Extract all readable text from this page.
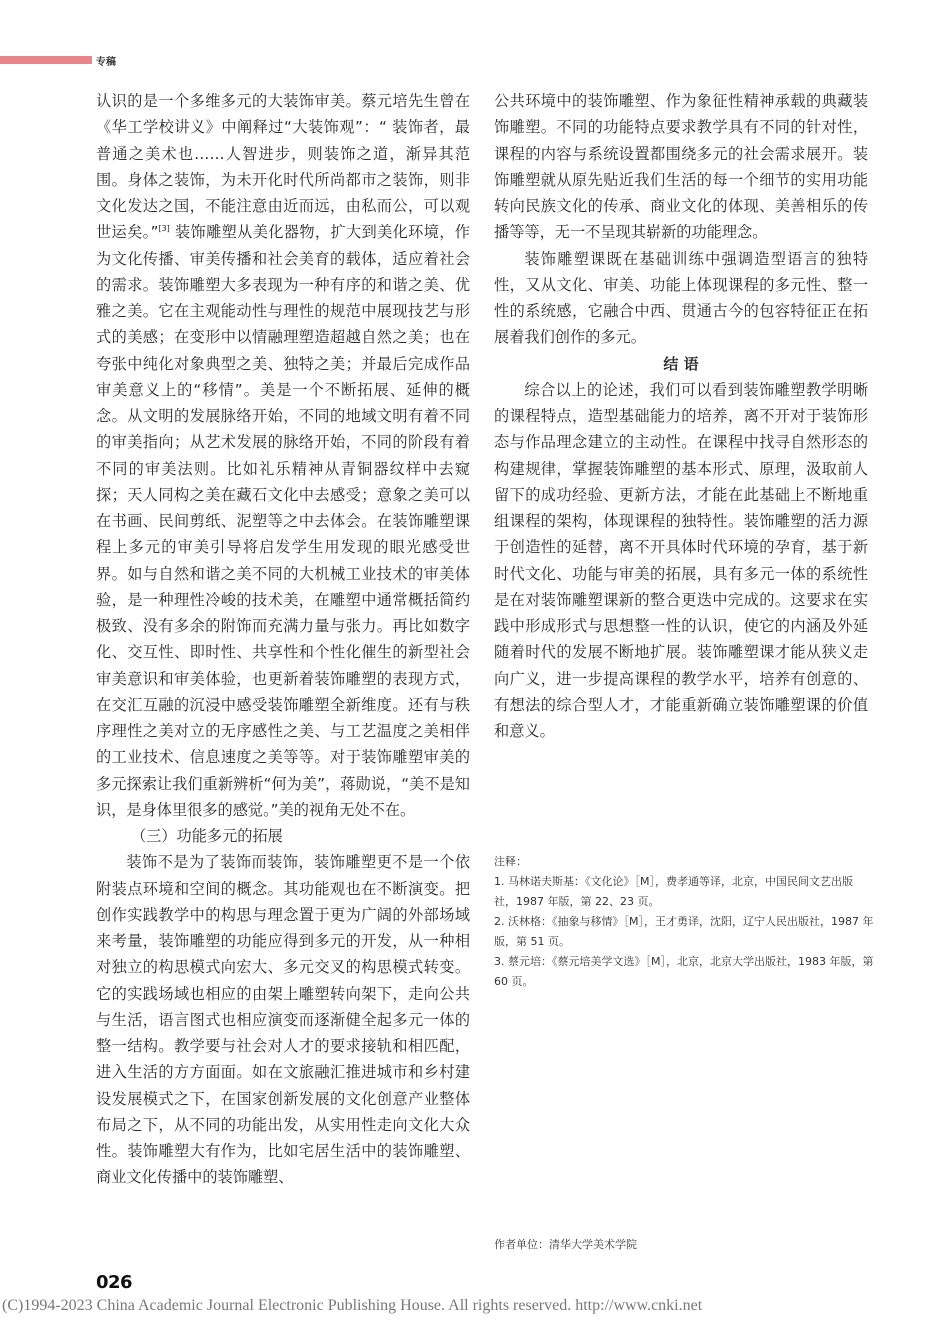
专稿

认识的是一个多维多元的大装饰审美。蔡元培先生曾在《华工学校讲义》中阐释过“大装饰观”：“ 装饰者，最普通之美术也……人智进步，则装饰之道，渐异其范围。身体之装饰，为未开化时代所尚都市之装饰，则非文化发达之国，不能注意由近而远，由私而公，可以观世运矣。”[3] 装饰雕塑从美化器物，扩大到美化环境，作为文化传播、审美传播和社会美育的载体，适应着社会的需求。装饰雕塑大多表现为一种有序的和谐之美、优雅之美。它在主观能动性与理性的规范中展现技艺与形式的美感；在变形中以情融理塑造超越自然之美；也在夸张中纯化对象典型之美、独特之美；并最后完成作品审美意义上的“移情”。美是一个不断拓展、延伸的概念。从文明的发展脉络开始，不同的地域文明有着不同的审美指向；从艺术发展的脉络开始，不同的阶段有着不同的审美法则。比如礼乐精神从青铜器纹样中去窥探；天人同构之美在藏石文化中去感受；意象之美可以在书画、民间剪纸、泥塑等之中去体会。在装饰雕塑课程上多元的审美引导将启发学生用发现的眼光感受世界。如与自然和谐之美不同的大机械工业技术的审美体验，是一种理性冷峻的技术美，在雕塑中通常概括简约极致、没有多余的附饰而充满力量与张力。再比如数字化、交互性、即时性、共享性和个性化催生的新型社会审美意识和审美体验，也更新着装饰雕塑的表现方式，在交汇互融的沉浸中感受装饰雕塑全新维度。还有与秩序理性之美对立的无序感性之美、与工艺温度之美相伴的工业技术、信息速度之美等等。对于装饰雕塑审美的多元探索让我们重新辨析“何为美”，蒋勋说，“美不是知识，是身体里很多的感觉。”美的视角无处不在。

（三）功能多元的拓展

装饰不是为了装饰而装饰，装饰雕塑更不是一个依附装点环境和空间的概念。其功能观也在不断演变。把创作实践教学中的构思与理念置于更为广阔的外部场域来考量，装饰雕塑的功能应得到多元的开发，从一种相对独立的构思模式向宏大、多元交叉的构思模式转变。它的实践场域也相应的由架上雕塑转向架下，走向公共与生活，语言图式也相应演变而逐渐健全起多元一体的整一结构。教学要与社会对人才的要求接轨和相匹配，进入生活的方方面面。如在文旅融汇推进城市和乡村建设发展模式之下，在国家创新发展的文化创意产业整体布局之下，从不同的功能出发，从实用性走向文化大众性。装饰雕塑大有作为，比如宅居生活中的装饰雕塑、商业文化传播中的装饰雕塑、

公共环境中的装饰雕塑、作为象征性精神承载的典藏装饰雕塑。不同的功能特点要求教学具有不同的针对性，课程的内容与系统设置都围绕多元的社会需求展开。装饰雕塑就从原先贴近我们生活的每一个细节的实用功能转向民族文化的传承、商业文化的体现、美善相乐的传播等等，无一不呈现其崭新的功能理念。

装饰雕塑课既在基础训练中强调造型语言的独特性，又从文化、审美、功能上体现课程的多元性、整一性的系统感，它融合中西、贯通古今的包容特征正在拓展着我们创作的多元。

结 语

综合以上的论述，我们可以看到装饰雕塑教学明晰的课程特点，造型基础能力的培养，离不开对于装饰形态与作品理念建立的主动性。在课程中找寻自然形态的构建规律，掌握装饰雕塑的基本形式、原理，汲取前人留下的成功经验、更新方法，才能在此基础上不断地重组课程的架构，体现课程的独特性。装饰雕塑的活力源于创造性的延替，离不开具体时代环境的孕育，基于新时代文化、功能与审美的拓展，具有多元一体的系统性是在对装饰雕塑课新的整合更迭中完成的。这要求在实践中形成形式与思想整一性的认识，使它的内涵及外延随着时代的发展不断地扩展。装饰雕塑课才能从狭义走向广义，进一步提高课程的教学水平，培养有创意的、有想法的综合型人才，才能重新确立装饰雕塑课的价值和意义。

注释：

1. 马林诺夫斯基：《文化论》［M］，费孝通等译，北京，中国民间文艺出版社，1987 年版，第 22、23 页。

2. 沃林格：《抽象与移情》［M］，王才勇译，沈阳，辽宁人民出版社，1987 年版，第 51 页。

3. 蔡元培：《蔡元培美学文选》［M］，北京，北京大学出版社，1983 年版，第 60 页。

作者单位：清华大学美术学院
026
(C)1994-2023 China Academic Journal Electronic Publishing House. All rights reserved. http://www.cnki.net
